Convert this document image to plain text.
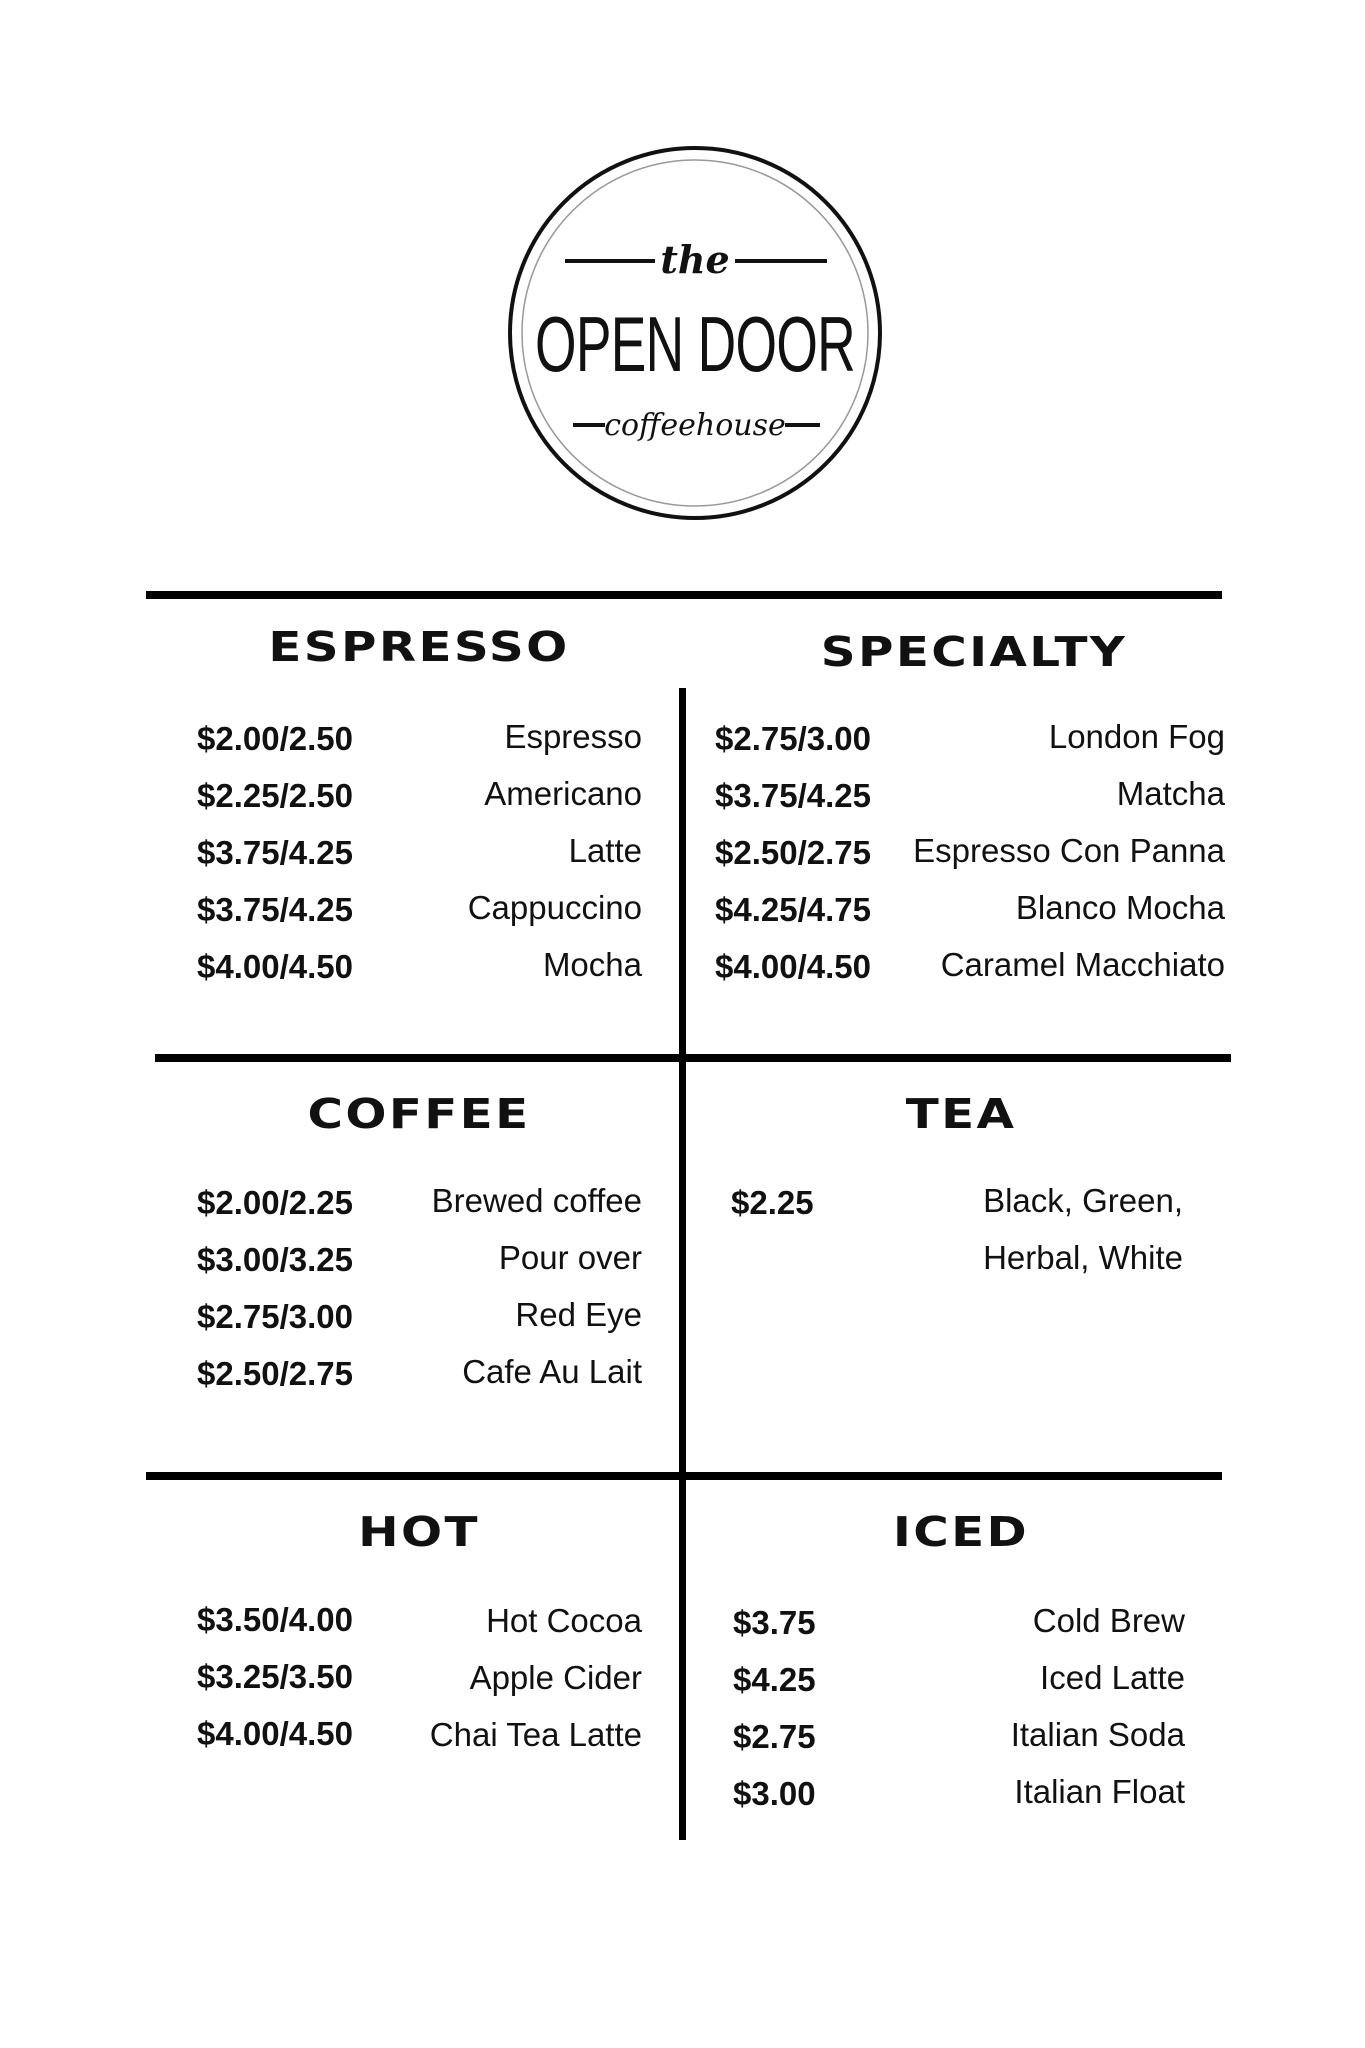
the
OPEN DOOR
coffeehouse
ESPRESSO
$2.00/2.50	Espresso
$2.25/2.50	Americano
$3.75/4.25	Latte
$3.75/4.25	Cappuccino
$4.00/4.50	Mocha
SPECIALTY
$2.75/3.00	London Fog
$3.75/4.25	Matcha
$2.50/2.75 Espresso Con Panna
$4.25/4.75	Blanco Mocha
$4.00/4.50 Caramel Macchiato
COFFEE
$2.00/2.25 Brewed coffee
$3.00/3.25	Pour over
$2.75/3.00	Red Eye
$2.50/2.75	Cafe Au Lait
TEA
$2.25	Black, Green,
Herbal, White
HOT
$3.50/4.00	Hot Cocoa
$3.25/3.50	Apple Cider
$4.00/4.50 Chai Tea Latte
ICED
$3.75	Cold Brew
$4.25	Iced Latte
$2.75	Italian Soda
$3.00	Italian Float
